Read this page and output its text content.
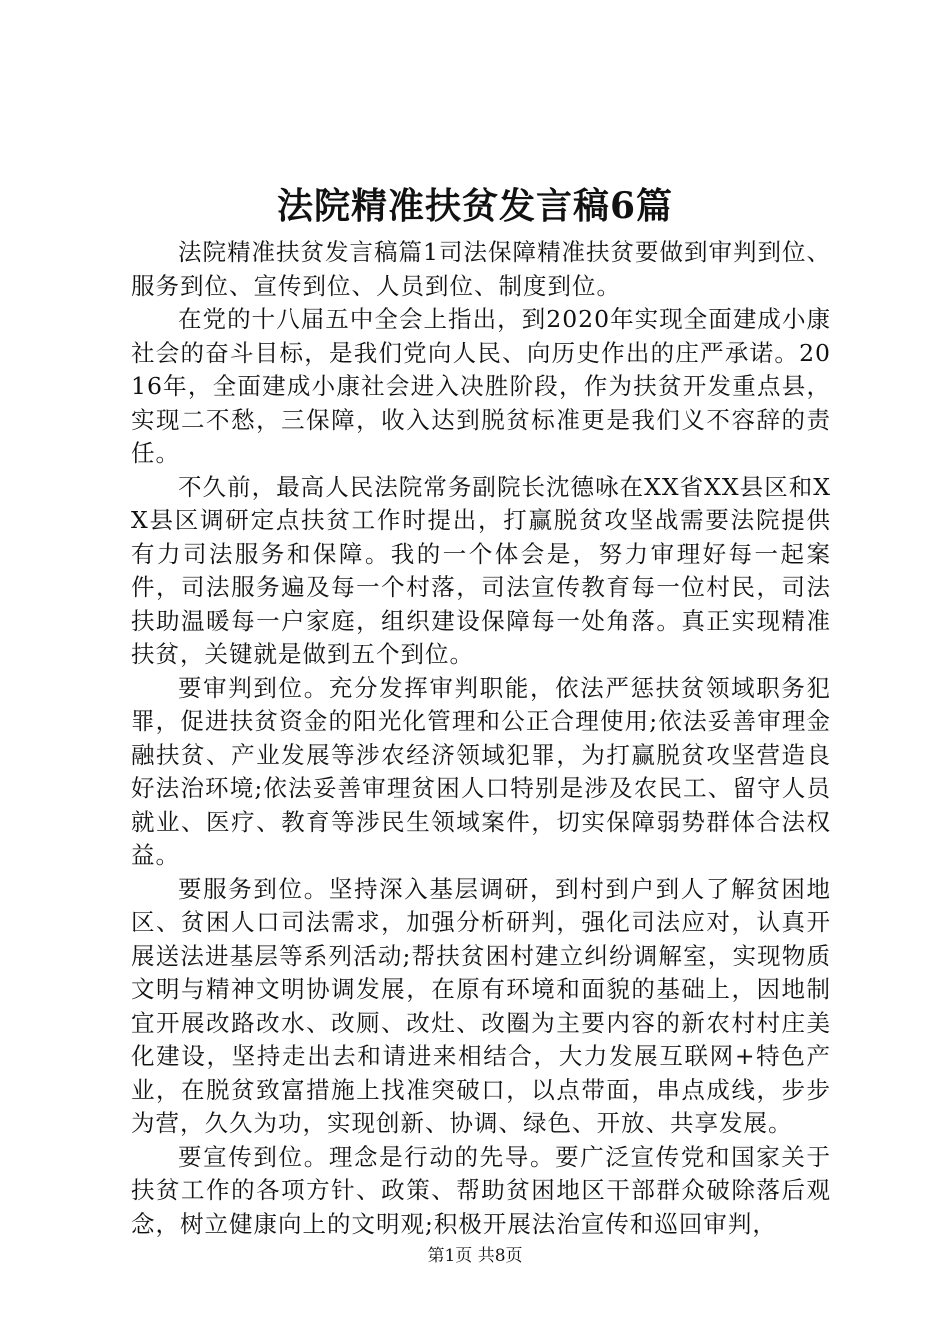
法院精准扶贫发言稿6篇

法院精准扶贫发言稿篇1司法保障精准扶贫要做到审判到位、服务到位、宣传到位、人员到位、制度到位。

在党的十八届五中全会上指出，到2020年实现全面建成小康社会的奋斗目标，是我们党向人民、向历史作出的庄严承诺。2016年，全面建成小康社会进入决胜阶段，作为扶贫开发重点县，实现二不愁，三保障，收入达到脱贫标准更是我们义不容辞的责任。

不久前，最高人民法院常务副院长沈德咏在XX省XX县区和XX县区调研定点扶贫工作时提出，打赢脱贫攻坚战需要法院提供有力司法服务和保障。我的一个体会是，努力审理好每一起案件，司法服务遍及每一个村落，司法宣传教育每一位村民，司法扶助温暖每一户家庭，组织建设保障每一处角落。真正实现精准扶贫，关键就是做到五个到位。

要审判到位。充分发挥审判职能，依法严惩扶贫领域职务犯罪，促进扶贫资金的阳光化管理和公正合理使用;依法妥善审理金融扶贫、产业发展等涉农经济领域犯罪，为打赢脱贫攻坚营造良好法治环境;依法妥善审理贫困人口特别是涉及农民工、留守人员就业、医疗、教育等涉民生领域案件，切实保障弱势群体合法权益。

要服务到位。坚持深入基层调研，到村到户到人了解贫困地区、贫困人口司法需求，加强分析研判，强化司法应对，认真开展送法进基层等系列活动;帮扶贫困村建立纠纷调解室，实现物质文明与精神文明协调发展，在原有环境和面貌的基础上，因地制宜开展改路改水、改厕、改灶、改圈为主要内容的新农村村庄美化建设，坚持走出去和请进来相结合，大力发展互联网+特色产业，在脱贫致富措施上找准突破口，以点带面，串点成线，步步为营，久久为功，实现创新、协调、绿色、开放、共享发展。

要宣传到位。理念是行动的先导。要广泛宣传党和国家关于扶贫工作的各项方针、政策、帮助贫困地区干部群众破除落后观念，树立健康向上的文明观;积极开展法治宣传和巡回审判，

第1页 共8页
